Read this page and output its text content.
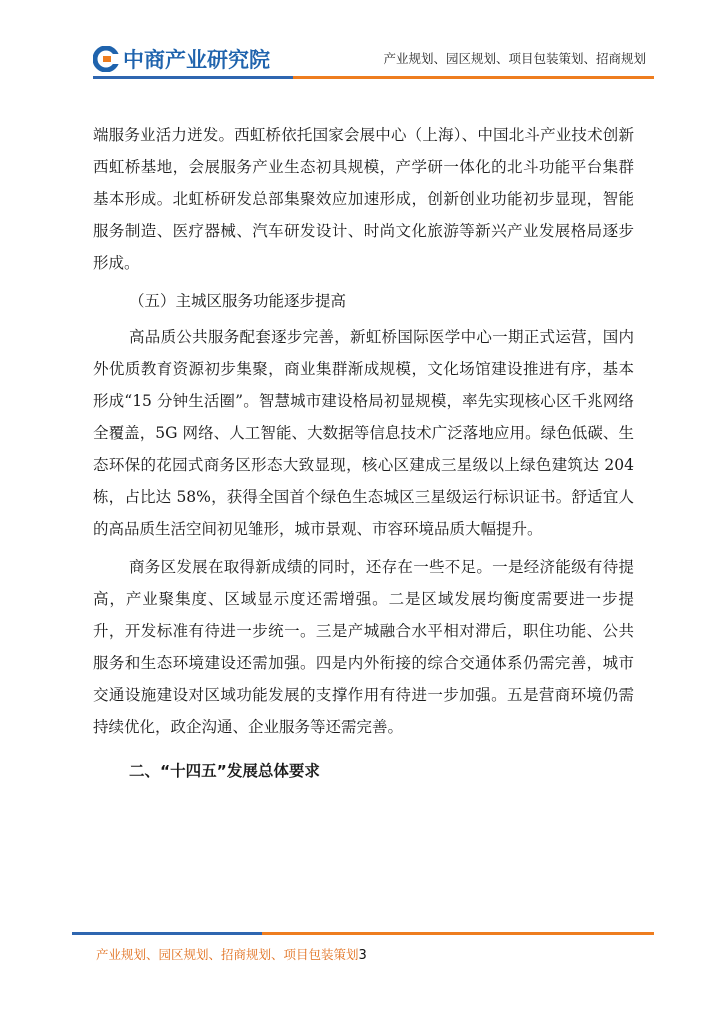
中商产业研究院	产业规划、园区规划、项目包装策划、招商规划

端服务业活力迸发。西虹桥依托国家会展中心（上海）、中国北斗产业技术创新西虹桥基地，会展服务产业生态初具规模，产学研一体化的北斗功能平台集群基本形成。北虹桥研发总部集聚效应加速形成，创新创业功能初步显现，智能服务制造、医疗器械、汽车研发设计、时尚文化旅游等新兴产业发展格局逐步形成。

（五）主城区服务功能逐步提高

高品质公共服务配套逐步完善，新虹桥国际医学中心一期正式运营，国内外优质教育资源初步集聚，商业集群渐成规模，文化场馆建设推进有序，基本形成“15 分钟生活圈”。智慧城市建设格局初显规模，率先实现核心区千兆网络全覆盖，5G 网络、人工智能、大数据等信息技术广泛落地应用。绿色低碳、生态环保的花园式商务区形态大致显现，核心区建成三星级以上绿色建筑达 204 栋，占比达 58%，获得全国首个绿色生态城区三星级运行标识证书。舒适宜人的高品质生活空间初见雏形，城市景观、市容环境品质大幅提升。

商务区发展在取得新成绩的同时，还存在一些不足。一是经济能级有待提高，产业聚集度、区域显示度还需增强。二是区域发展均衡度需要进一步提升，开发标准有待进一步统一。三是产城融合水平相对滞后，职住功能、公共服务和生态环境建设还需加强。四是内外衔接的综合交通体系仍需完善，城市交通设施建设对区域功能发展的支撑作用有待进一步加强。五是营商环境仍需持续优化，政企沟通、企业服务等还需完善。

二、“十四五”发展总体要求

产业规划、园区规划、招商规划、项目包装策划3
